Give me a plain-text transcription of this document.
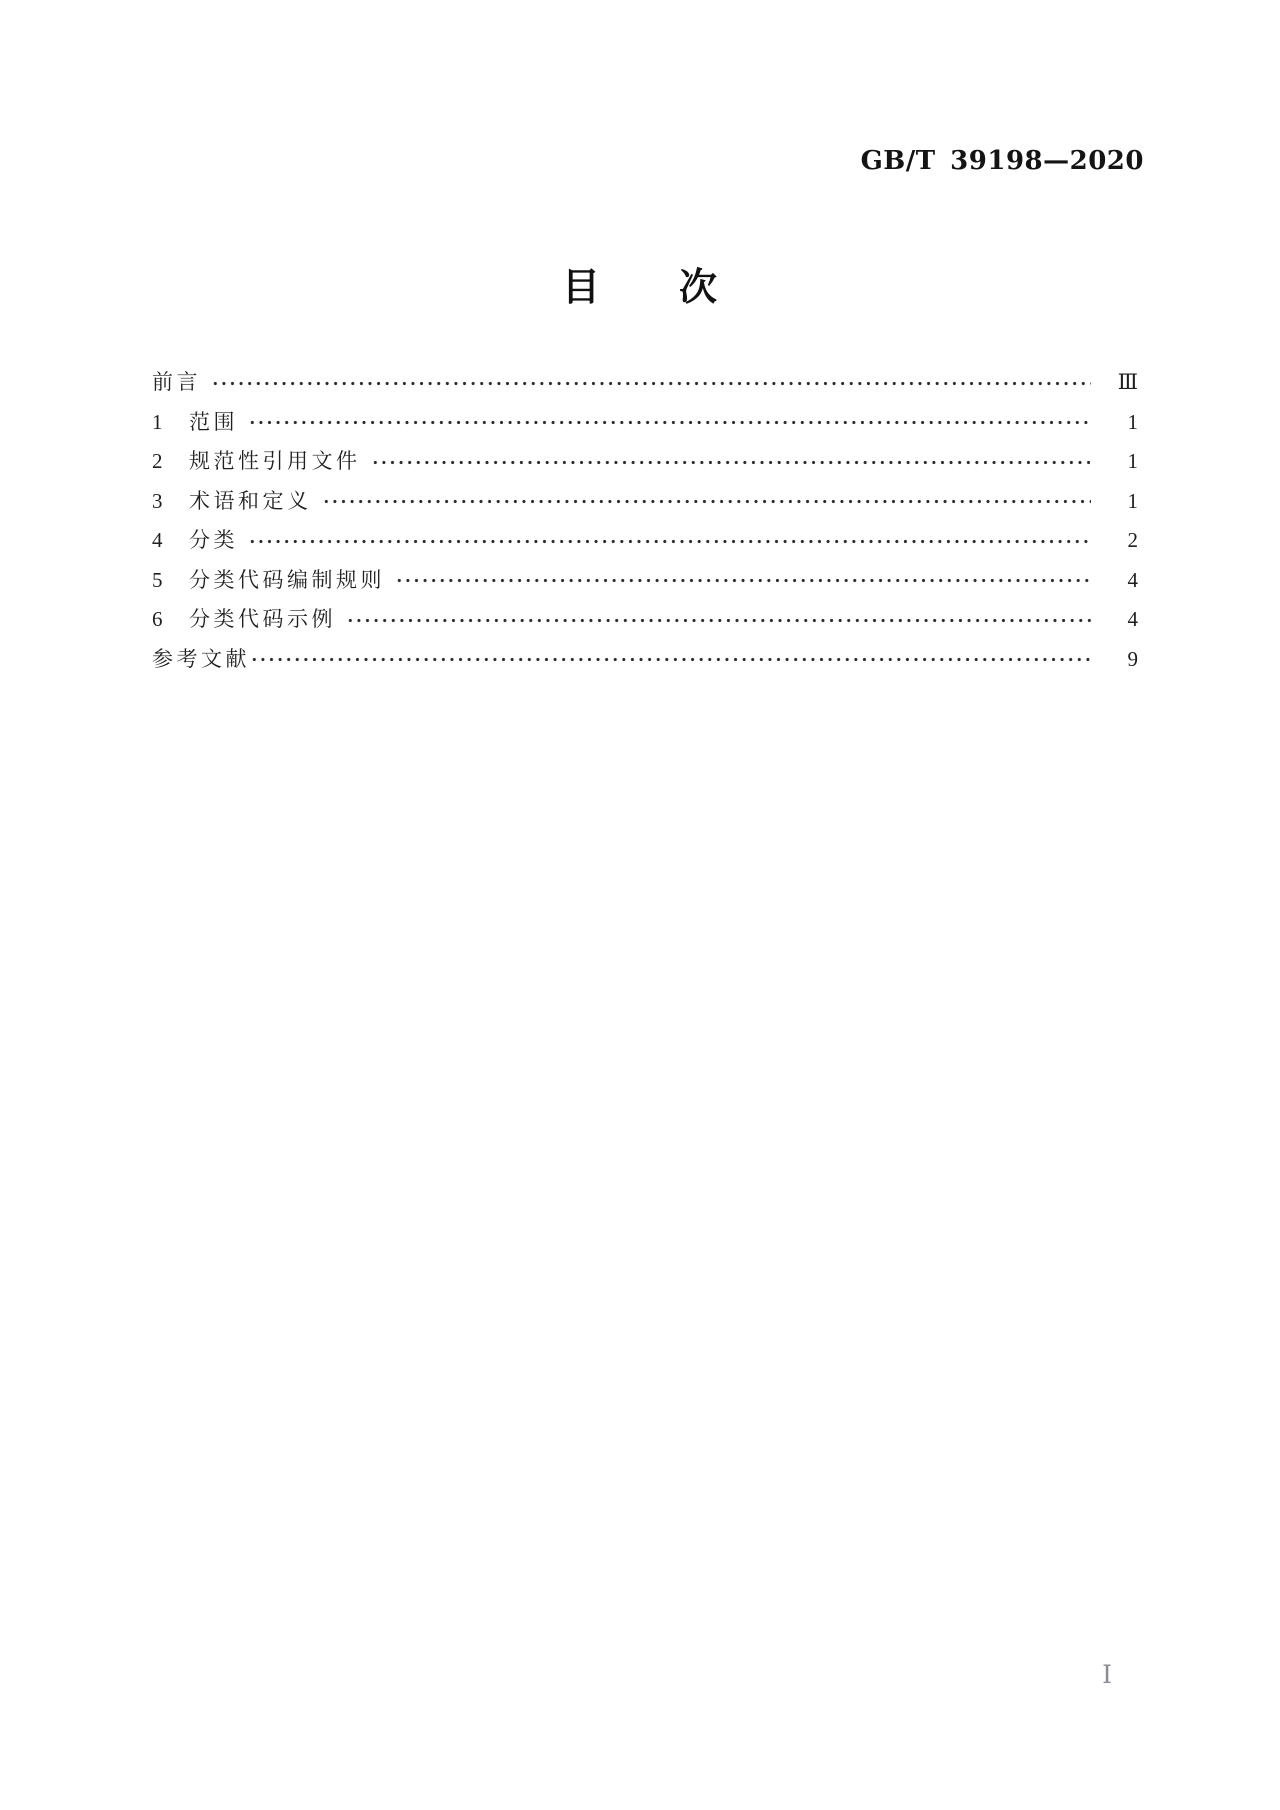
GB/T 39198—2020
目　　次
前言	Ⅲ
1	范围	1
2	规范性引用文件	1
3	术语和定义	1
4	分类	2
5	分类代码编制规则	4
6	分类代码示例	4
参考文献	9
Ⅰ
